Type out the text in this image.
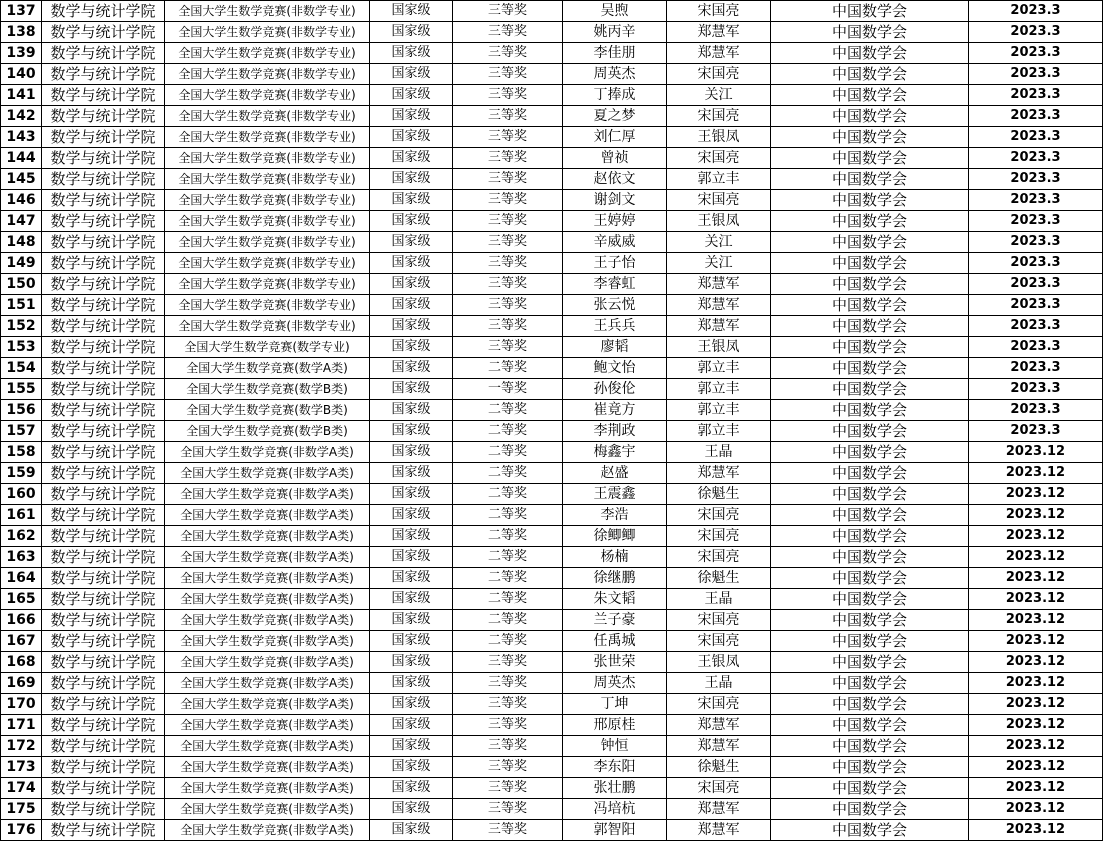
137	数学与统计学院	全国大学生数学竞赛(非数学专业)	国家级	三等奖	吴煦	宋国亮	中国数学会	2023.3
138	数学与统计学院	全国大学生数学竞赛(非数学专业)	国家级	三等奖	姚丙辛	郑慧军	中国数学会	2023.3
139	数学与统计学院	全国大学生数学竞赛(非数学专业)	国家级	三等奖	李佳朋	郑慧军	中国数学会	2023.3
140	数学与统计学院	全国大学生数学竞赛(非数学专业)	国家级	三等奖	周英杰	宋国亮	中国数学会	2023.3
141	数学与统计学院	全国大学生数学竞赛(非数学专业)	国家级	三等奖	丁捧成	关江	中国数学会	2023.3
142	数学与统计学院	全国大学生数学竞赛(非数学专业)	国家级	三等奖	夏之梦	宋国亮	中国数学会	2023.3
143	数学与统计学院	全国大学生数学竞赛(非数学专业)	国家级	三等奖	刘仁厚	王银凤	中国数学会	2023.3
144	数学与统计学院	全国大学生数学竞赛(非数学专业)	国家级	三等奖	曾祯	宋国亮	中国数学会	2023.3
145	数学与统计学院	全国大学生数学竞赛(非数学专业)	国家级	三等奖	赵依文	郭立丰	中国数学会	2023.3
146	数学与统计学院	全国大学生数学竞赛(非数学专业)	国家级	三等奖	谢剑文	宋国亮	中国数学会	2023.3
147	数学与统计学院	全国大学生数学竞赛(非数学专业)	国家级	三等奖	王婷婷	王银凤	中国数学会	2023.3
148	数学与统计学院	全国大学生数学竞赛(非数学专业)	国家级	三等奖	辛威威	关江	中国数学会	2023.3
149	数学与统计学院	全国大学生数学竞赛(非数学专业)	国家级	三等奖	王子怡	关江	中国数学会	2023.3
150	数学与统计学院	全国大学生数学竞赛(非数学专业)	国家级	三等奖	李睿虹	郑慧军	中国数学会	2023.3
151	数学与统计学院	全国大学生数学竞赛(非数学专业)	国家级	三等奖	张云悦	郑慧军	中国数学会	2023.3
152	数学与统计学院	全国大学生数学竞赛(非数学专业)	国家级	三等奖	王兵兵	郑慧军	中国数学会	2023.3
153	数学与统计学院	全国大学生数学竞赛(数学专业)	国家级	三等奖	廖韬	王银凤	中国数学会	2023.3
154	数学与统计学院	全国大学生数学竞赛(数学A类)	国家级	二等奖	鲍文怡	郭立丰	中国数学会	2023.3
155	数学与统计学院	全国大学生数学竞赛(数学B类)	国家级	一等奖	孙俊伦	郭立丰	中国数学会	2023.3
156	数学与统计学院	全国大学生数学竞赛(数学B类)	国家级	二等奖	崔竟方	郭立丰	中国数学会	2023.3
157	数学与统计学院	全国大学生数学竞赛(数学B类)	国家级	二等奖	李荆政	郭立丰	中国数学会	2023.3
158	数学与统计学院	全国大学生数学竞赛(非数学A类)	国家级	二等奖	梅鑫宇	王晶	中国数学会	2023.12
159	数学与统计学院	全国大学生数学竞赛(非数学A类)	国家级	二等奖	赵盛	郑慧军	中国数学会	2023.12
160	数学与统计学院	全国大学生数学竞赛(非数学A类)	国家级	二等奖	王震鑫	徐魁生	中国数学会	2023.12
161	数学与统计学院	全国大学生数学竞赛(非数学A类)	国家级	二等奖	李浩	宋国亮	中国数学会	2023.12
162	数学与统计学院	全国大学生数学竞赛(非数学A类)	国家级	二等奖	徐鲫鲫	宋国亮	中国数学会	2023.12
163	数学与统计学院	全国大学生数学竞赛(非数学A类)	国家级	二等奖	杨楠	宋国亮	中国数学会	2023.12
164	数学与统计学院	全国大学生数学竞赛(非数学A类)	国家级	二等奖	徐继鹏	徐魁生	中国数学会	2023.12
165	数学与统计学院	全国大学生数学竞赛(非数学A类)	国家级	二等奖	朱文韬	王晶	中国数学会	2023.12
166	数学与统计学院	全国大学生数学竞赛(非数学A类)	国家级	二等奖	兰子豪	宋国亮	中国数学会	2023.12
167	数学与统计学院	全国大学生数学竞赛(非数学A类)	国家级	二等奖	任禹城	宋国亮	中国数学会	2023.12
168	数学与统计学院	全国大学生数学竞赛(非数学A类)	国家级	三等奖	张世荣	王银凤	中国数学会	2023.12
169	数学与统计学院	全国大学生数学竞赛(非数学A类)	国家级	三等奖	周英杰	王晶	中国数学会	2023.12
170	数学与统计学院	全国大学生数学竞赛(非数学A类)	国家级	三等奖	丁坤	宋国亮	中国数学会	2023.12
171	数学与统计学院	全国大学生数学竞赛(非数学A类)	国家级	三等奖	邢原桂	郑慧军	中国数学会	2023.12
172	数学与统计学院	全国大学生数学竞赛(非数学A类)	国家级	三等奖	钟恒	郑慧军	中国数学会	2023.12
173	数学与统计学院	全国大学生数学竞赛(非数学A类)	国家级	三等奖	李东阳	徐魁生	中国数学会	2023.12
174	数学与统计学院	全国大学生数学竞赛(非数学A类)	国家级	三等奖	张壮鹏	宋国亮	中国数学会	2023.12
175	数学与统计学院	全国大学生数学竞赛(非数学A类)	国家级	三等奖	冯培杭	郑慧军	中国数学会	2023.12
176	数学与统计学院	全国大学生数学竞赛(非数学A类)	国家级	三等奖	郭智阳	郑慧军	中国数学会	2023.12
